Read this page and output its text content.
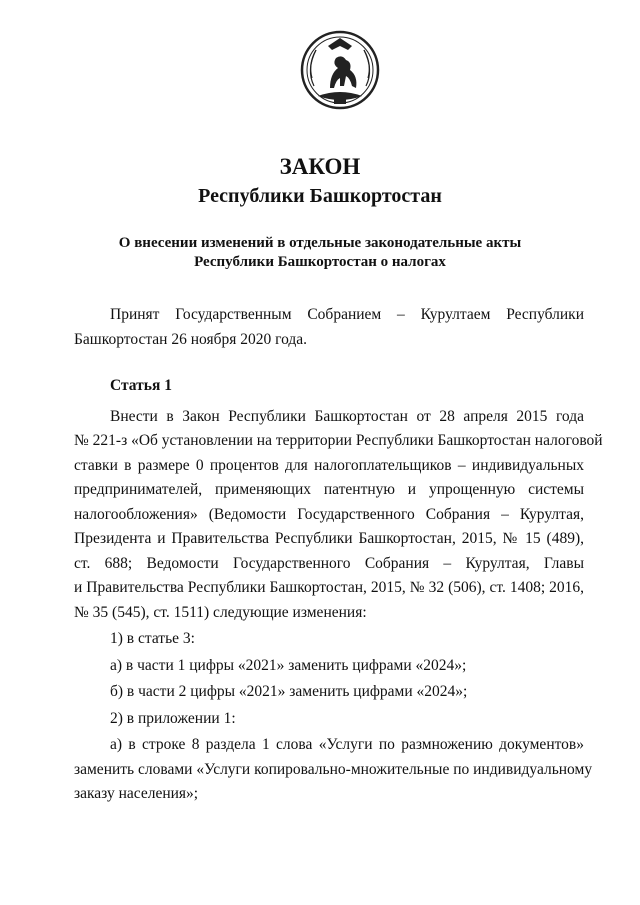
ЗАКОН
Республики Башкортостан
О внесении изменений в отдельные законодательные акты
Республики Башкортостан о налогах
Принят Государственным Собранием – Курултаем Республики
Башкортостан 26 ноября 2020 года.
Статья 1
Внести в Закон Республики Башкортостан от 28 апреля 2015 года
№ 221-з «Об установлении на территории Республики Башкортостан налоговой
ставки в размере 0 процентов для налогоплательщиков – индивидуальных
предпринимателей, применяющих патентную и упрощенную системы
налогообложения» (Ведомости Государственного Собрания – Курултая,
Президента и Правительства Республики Башкортостан, 2015, № 15 (489),
ст. 688; Ведомости Государственного Собрания – Курултая, Главы
и Правительства Республики Башкортостан, 2015, № 32 (506), ст. 1408; 2016,
№ 35 (545), ст. 1511) следующие изменения:
1) в статье 3:
а) в части 1 цифры «2021» заменить цифрами «2024»;
б) в части 2 цифры «2021» заменить цифрами «2024»;
2) в приложении 1:
а) в строке 8 раздела 1 слова «Услуги по размножению документов»
заменить словами «Услуги копировально-множительные по индивидуальному
заказу населения»;
